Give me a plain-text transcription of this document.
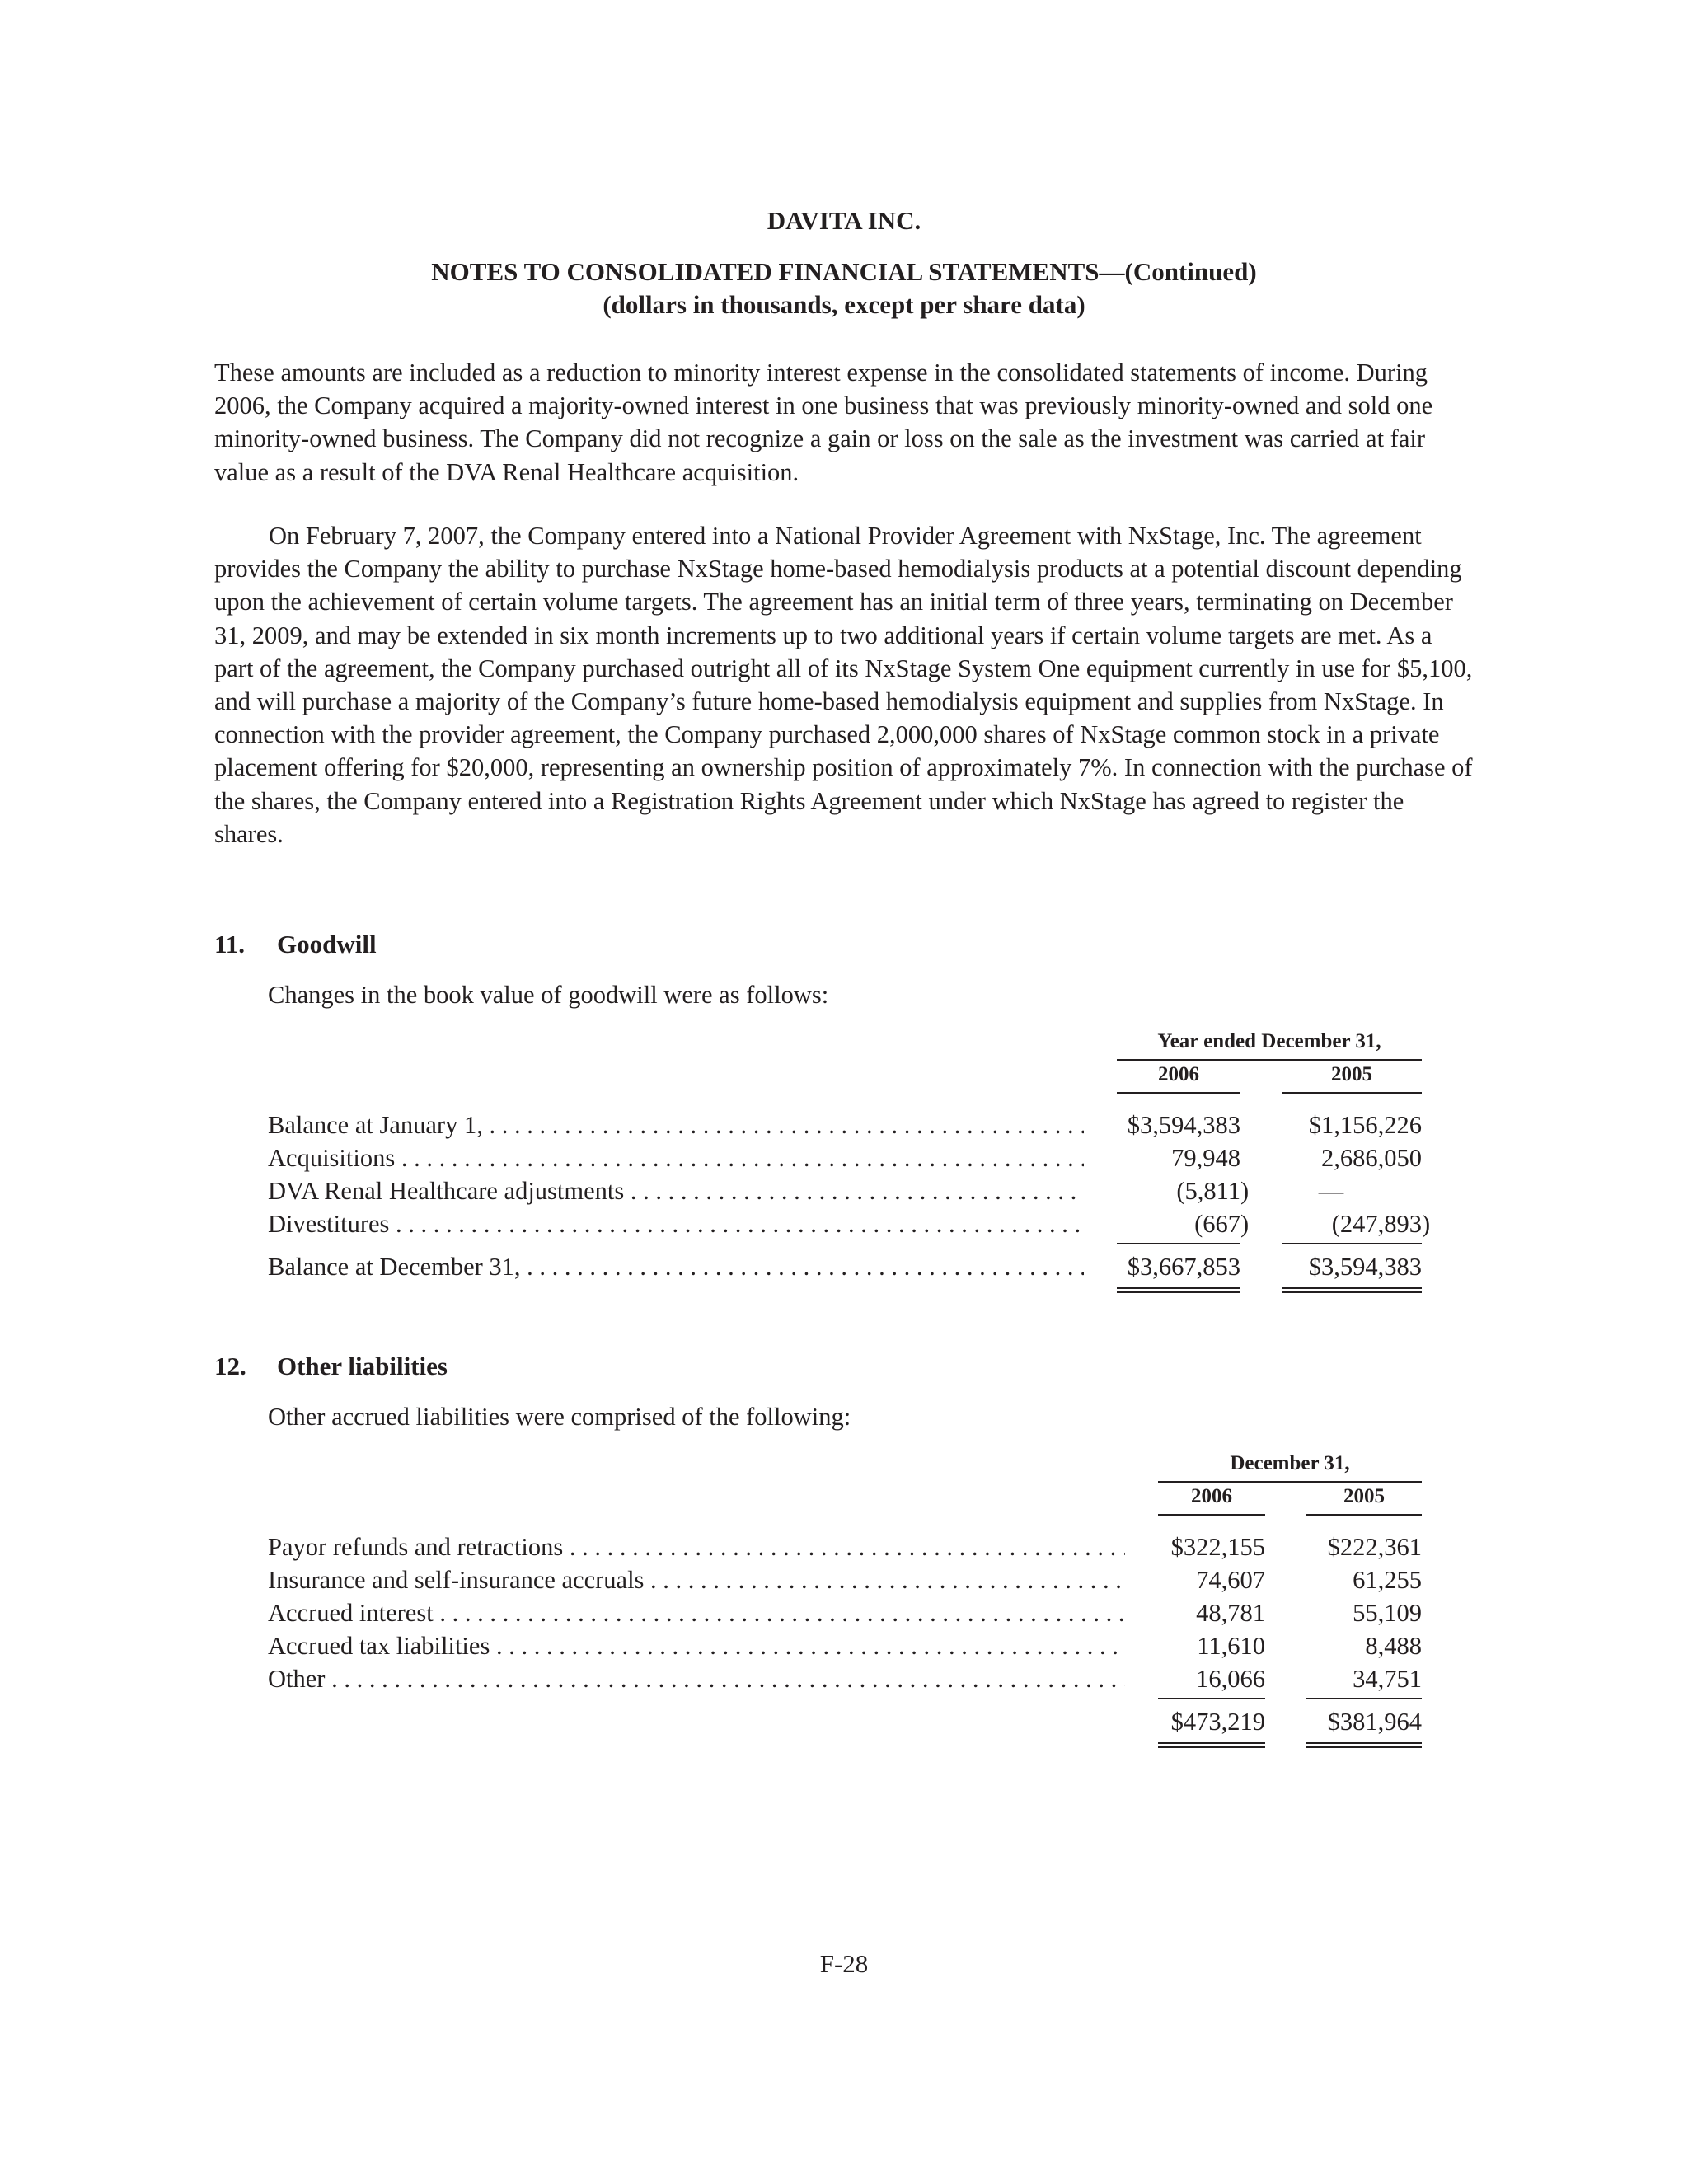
DAVITA INC.
NOTES TO CONSOLIDATED FINANCIAL STATEMENTS—(Continued)
(dollars in thousands, except per share data)

These amounts are included as a reduction to minority interest expense in the consolidated statements of income. During 2006, the Company acquired a majority-owned interest in one business that was previously minority-owned and sold one minority-owned business. The Company did not recognize a gain or loss on the sale as the investment was carried at fair value as a result of the DVA Renal Healthcare acquisition.

On February 7, 2007, the Company entered into a National Provider Agreement with NxStage, Inc. The agreement provides the Company the ability to purchase NxStage home-based hemodialysis products at a potential discount depending upon the achievement of certain volume targets. The agreement has an initial term of three years, terminating on December 31, 2009, and may be extended in six month increments up to two additional years if certain volume targets are met. As a part of the agreement, the Company purchased outright all of its NxStage System One equipment currently in use for $5,100, and will purchase a majority of the Company’s future home-based hemodialysis equipment and supplies from NxStage. In connection with the provider agreement, the Company purchased 2,000,000 shares of NxStage common stock in a private placement offering for $20,000, representing an ownership position of approximately 7%. In connection with the purchase of the shares, the Company entered into a Registration Rights Agreement under which NxStage has agreed to register the shares.

11. Goodwill
Changes in the book value of goodwill were as follows:
Year ended December 31,
2006	2005
Balance at January 1, . . .	$3,594,383	$1,156,226
Acquisitions . . .	79,948	2,686,050
DVA Renal Healthcare adjustments . . .	(5,811 )	—
Divestitures . . .	(667 )	(247,893 )
Balance at December 31, . . .	$3,667,853	$3,594,383
12. Other liabilities
Other accrued liabilities were comprised of the following:
December 31,
2006	2005
Payor refunds and retractions . . .	$322,155	$222,361
Insurance and self-insurance accruals . . .	74,607	61,255
Accrued interest . . .	48,781	55,109
Accrued tax liabilities . . .	11,610	8,488
Other . . .	16,066	34,751
$473,219	$381,964
F-28
